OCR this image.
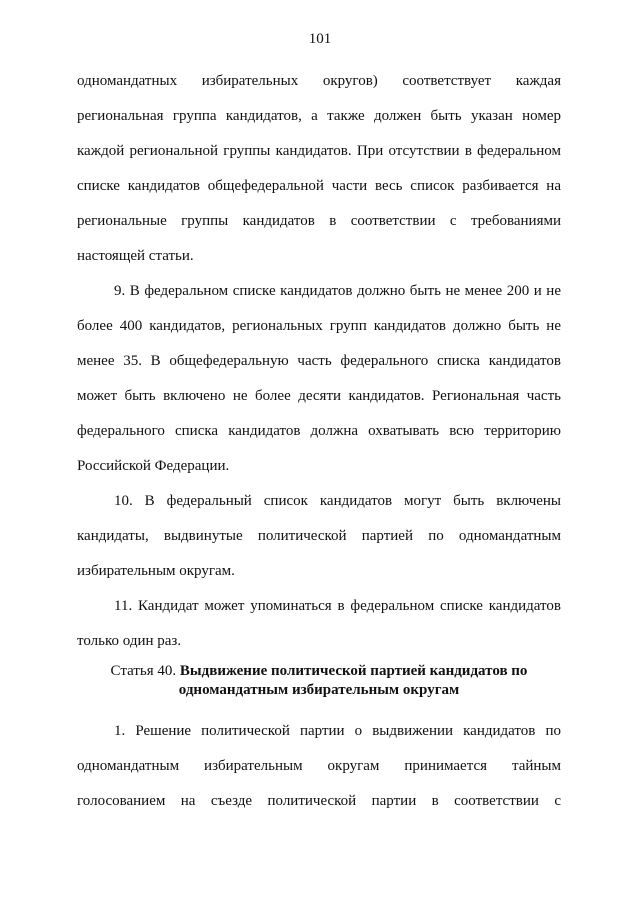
101

одномандатных избирательных округов) соответствует каждая региональная группа кандидатов, а также должен быть указан номер каждой региональной группы кандидатов. При отсутствии в федеральном списке кандидатов общефедеральной части весь список разбивается на региональные группы кандидатов в соответствии с требованиями настоящей статьи.

9. В федеральном списке кандидатов должно быть не менее 200 и не более 400 кандидатов, региональных групп кандидатов должно быть не менее 35. В общефедеральную часть федерального списка кандидатов может быть включено не более десяти кандидатов. Региональная часть федерального списка кандидатов должна охватывать всю территорию Российской Федерации.

10. В федеральный список кандидатов могут быть включены кандидаты, выдвинутые политической партией по одномандатным избирательным округам.

11. Кандидат может упоминаться в федеральном списке кандидатов только один раз.

Статья 40. Выдвижение политической партией кандидатов по одномандатным избирательным округам

1. Решение политической партии о выдвижении кандидатов по одномандатным избирательным округам принимается тайным голосованием на съезде политической партии в соответствии с
